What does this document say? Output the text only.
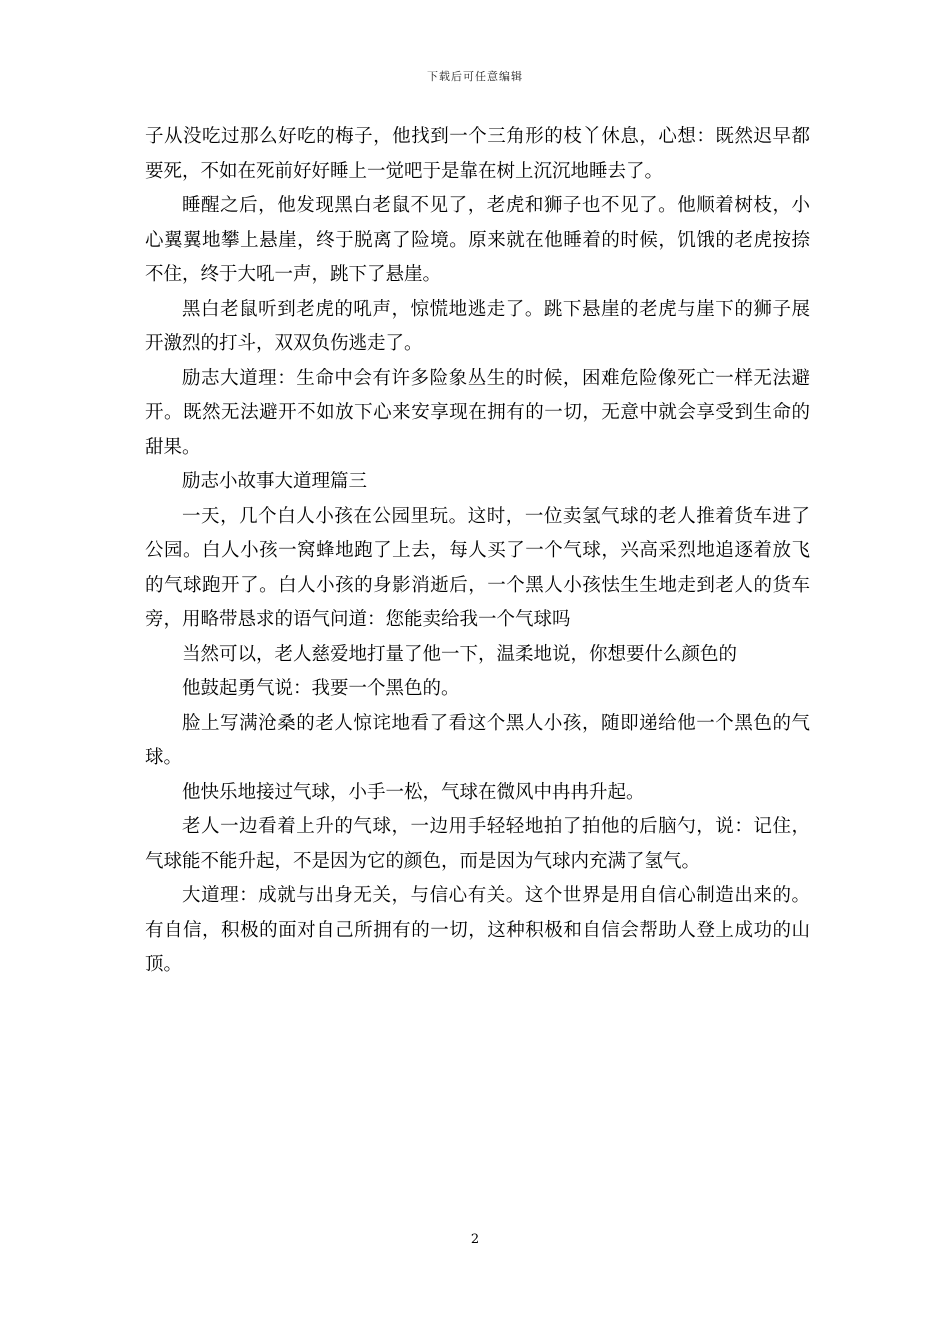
下载后可任意编辑

子从没吃过那么好吃的梅子，他找到一个三角形的枝丫休息，心想：既然迟早都要死，不如在死前好好睡上一觉吧于是靠在树上沉沉地睡去了。

睡醒之后，他发现黑白老鼠不见了，老虎和狮子也不见了。他顺着树枝，小心翼翼地攀上悬崖，终于脱离了险境。原来就在他睡着的时候，饥饿的老虎按捺不住，终于大吼一声，跳下了悬崖。

黑白老鼠听到老虎的吼声，惊慌地逃走了。跳下悬崖的老虎与崖下的狮子展开激烈的打斗，双双负伤逃走了。

励志大道理：生命中会有许多险象丛生的时候，困难危险像死亡一样无法避开。既然无法避开不如放下心来安享现在拥有的一切，无意中就会享受到生命的甜果。

励志小故事大道理篇三

一天，几个白人小孩在公园里玩。这时，一位卖氢气球的老人推着货车进了公园。白人小孩一窝蜂地跑了上去，每人买了一个气球，兴高采烈地追逐着放飞的气球跑开了。白人小孩的身影消逝后，一个黑人小孩怯生生地走到老人的货车旁，用略带恳求的语气问道：您能卖给我一个气球吗

当然可以，老人慈爱地打量了他一下，温柔地说，你想要什么颜色的

他鼓起勇气说：我要一个黑色的。

脸上写满沧桑的老人惊诧地看了看这个黑人小孩，随即递给他一个黑色的气球。

他快乐地接过气球，小手一松，气球在微风中冉冉升起。

老人一边看着上升的气球，一边用手轻轻地拍了拍他的后脑勺，说：记住，气球能不能升起，不是因为它的颜色，而是因为气球内充满了氢气。

大道理：成就与出身无关，与信心有关。这个世界是用自信心制造出来的。有自信，积极的面对自己所拥有的一切，这种积极和自信会帮助人登上成功的山顶。

2
